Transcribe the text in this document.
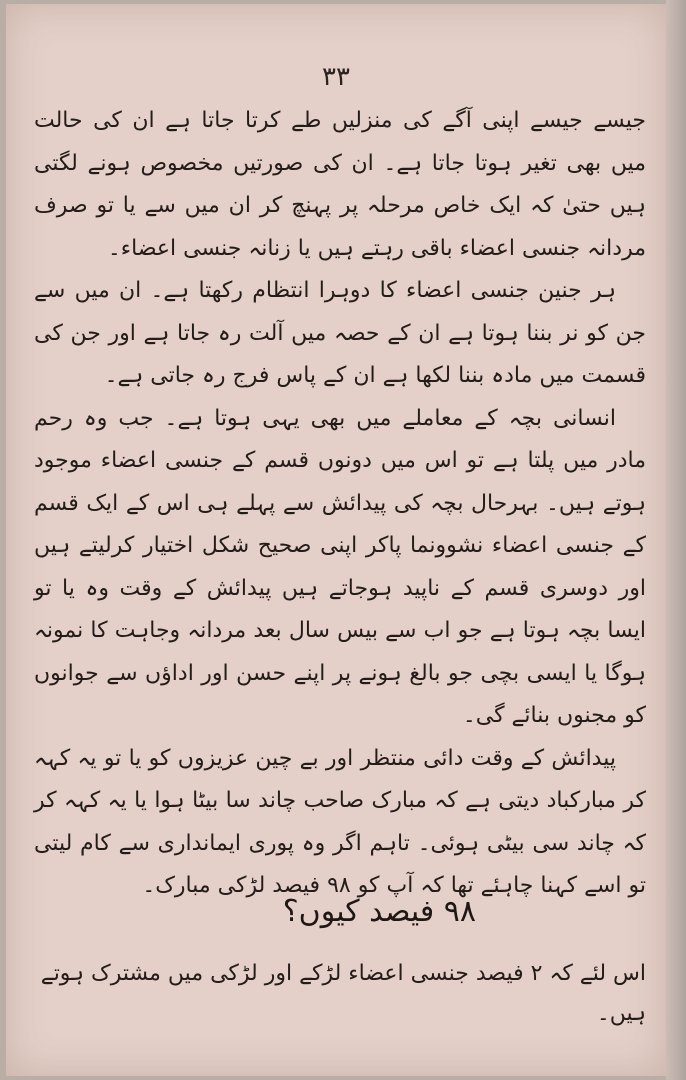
۳۳

جیسے جیسے اپنی آگے کی منزلیں طے کرتا جاتا ہے ان کی حالت میں بھی تغیر ہوتا جاتا ہے۔ ان کی صورتیں مخصوص ہونے لگتی ہیں حتیٰ کہ ایک خاص مرحلہ پر پہنچ کر ان میں سے یا تو صرف مردانہ جنسی اعضاء باقی رہتے ہیں یا زنانہ جنسی اعضاء۔

ہر جنین جنسی اعضاء کا دوہرا انتظام رکھتا ہے۔ ان میں سے جن کو نر بننا ہوتا ہے ان کے حصہ میں آلت رہ جاتا ہے اور جن کی قسمت میں مادہ بننا لکھا ہے ان کے پاس فرج رہ جاتی ہے۔

انسانی بچہ کے معاملے میں بھی یہی ہوتا ہے۔ جب وہ رحم مادر میں پلتا ہے تو اس میں دونوں قسم کے جنسی اعضاء موجود ہوتے ہیں۔ بہرحال بچہ کی پیدائش سے پہلے ہی اس کے ایک قسم کے جنسی اعضاء نشوونما پاکر اپنی صحیح شکل اختیار کرلیتے ہیں اور دوسری قسم کے ناپید ہوجاتے ہیں پیدائش کے وقت وہ یا تو ایسا بچہ ہوتا ہے جو اب سے بیس سال بعد مردانہ وجاہت کا نمونہ ہوگا یا ایسی بچی جو بالغ ہونے پر اپنے حسن اور اداؤں سے جوانوں کو مجنوں بنائے گی۔

پیدائش کے وقت دائی منتظر اور بے چین عزیزوں کو یا تو یہ کہہ کر مبارکباد دیتی ہے کہ مبارک صاحب چاند سا بیٹا ہوا یا یہ کہہ کر کہ چاند سی بیٹی ہوئی۔ تاہم اگر وہ پوری ایمانداری سے کام لیتی تو اسے کہنا چاہئے تھا کہ آپ کو ۹۸ فیصد لڑکی مبارک۔

۹۸ فیصد کیوں؟
اس لئے کہ ۲ فیصد جنسی اعضاء لڑکے اور لڑکی میں مشترک ہوتے ہیں۔
